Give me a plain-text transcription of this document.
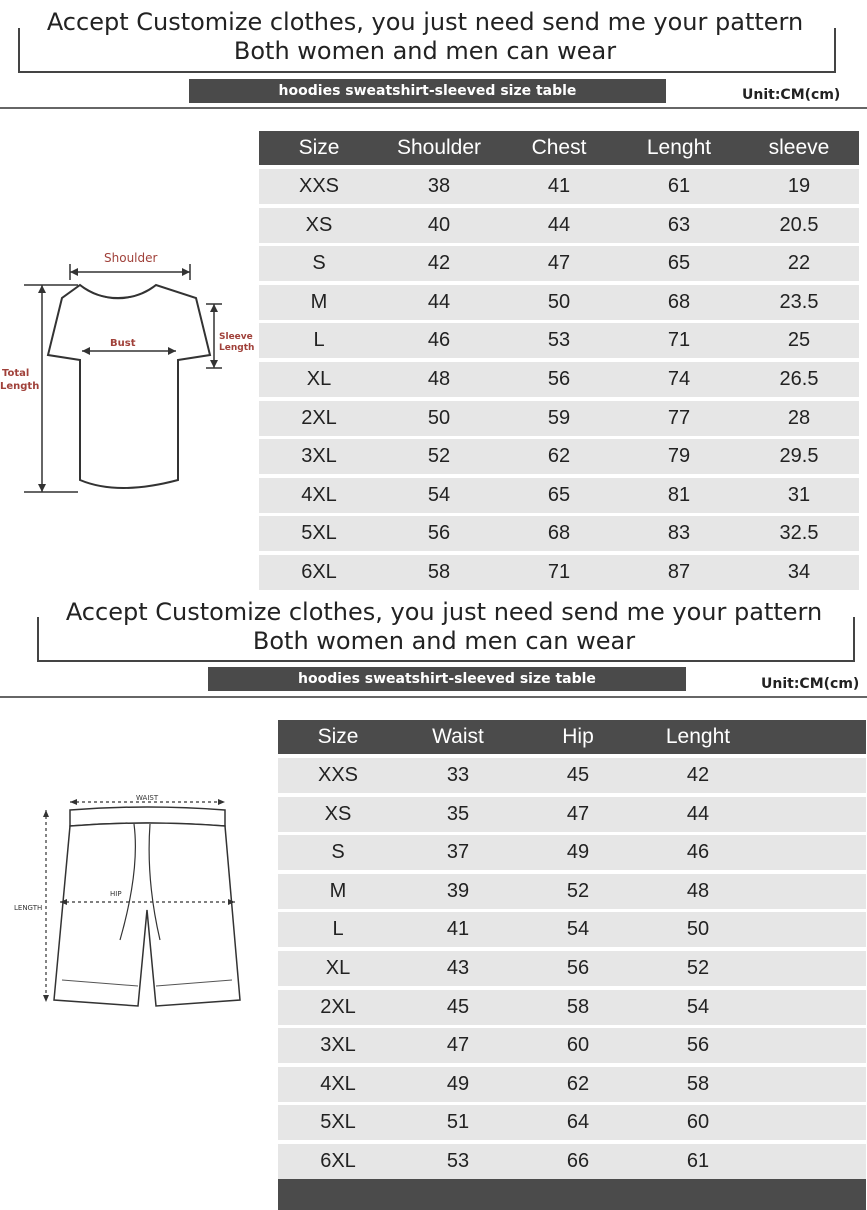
Accept Customize clothes, you just need send me your pattern
Both women and men can wear
hoodies sweatshirt-sleeved size table	Unit:CM(cm)
Shoulder
Bust
Sleeve
Length
Total
Length
Size	Shoulder	Chest	Lenght	sleeve
XXS	38	41	61	19
XS	40	44	63	20.5
S	42	47	65	22
M	44	50	68	23.5
L	46	53	71	25
XL	48	56	74	26.5
2XL	50	59	77	28
3XL	52	62	79	29.5
4XL	54	65	81	31
5XL	56	68	83	32.5
6XL	58	71	87	34
Accept Customize clothes, you just need send me your pattern
Both women and men can wear
hoodies sweatshirt-sleeved size table	Unit:CM(cm)
WAIST
HIP
LENGTH
Size	Waist	Hip	Lenght
XXS	33	45	42
XS	35	47	44
S	37	49	46
M	39	52	48
L	41	54	50
XL	43	56	52
2XL	45	58	54
3XL	47	60	56
4XL	49	62	58
5XL	51	64	60
6XL	53	66	61
